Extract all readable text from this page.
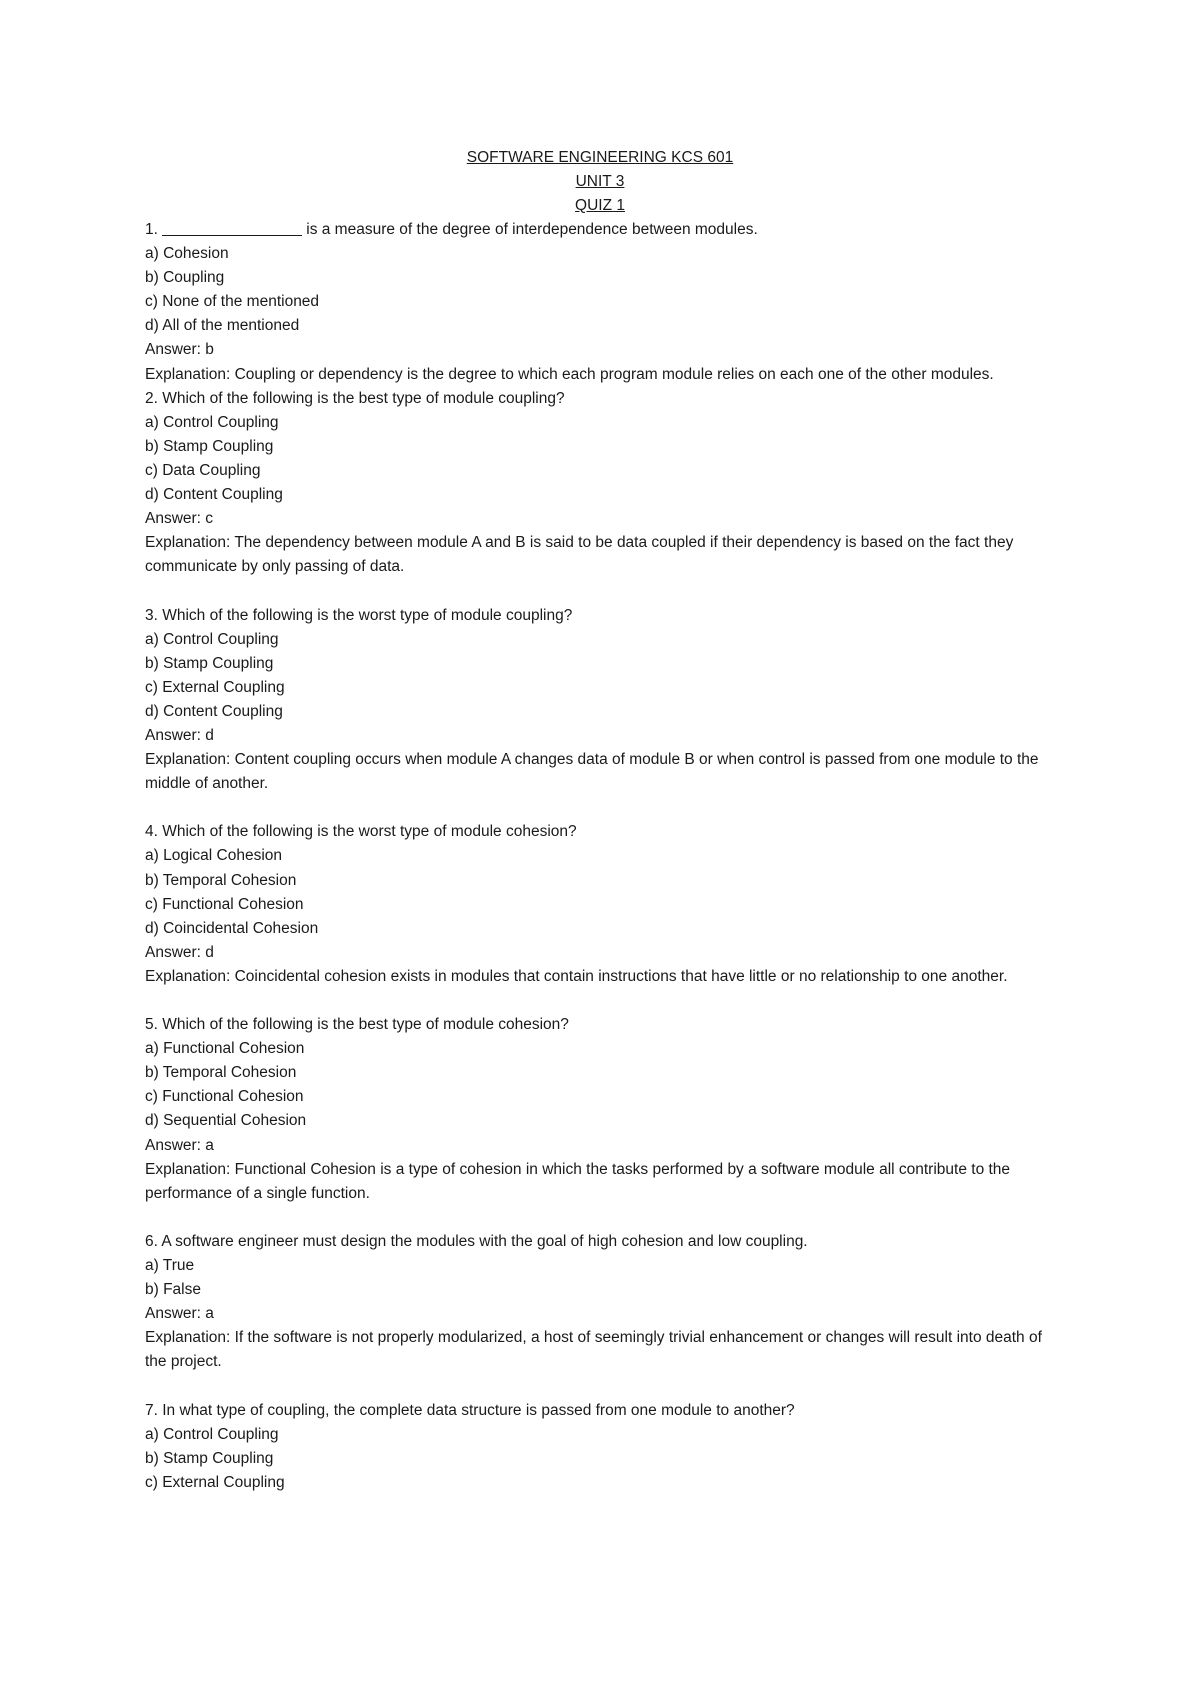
SOFTWARE ENGINEERING KCS 601
UNIT 3
QUIZ 1
1.	is a measure of the degree of interdependence between modules.
a) Cohesion
b) Coupling
c) None of the mentioned
d) All of the mentioned
Answer: b
Explanation: Coupling or dependency is the degree to which each program module relies on each one of the other modules.
2. Which of the following is the best type of module coupling?
a) Control Coupling
b) Stamp Coupling
c) Data Coupling
d) Content Coupling
Answer: c
Explanation: The dependency between module A and B is said to be data coupled if their dependency is based on the fact they communicate by only passing of data.
3. Which of the following is the worst type of module coupling?
a) Control Coupling
b) Stamp Coupling
c) External Coupling
d) Content Coupling
Answer: d
Explanation: Content coupling occurs when module A changes data of module B or when control is passed from one module to the middle of another.
4. Which of the following is the worst type of module cohesion?
a) Logical Cohesion
b) Temporal Cohesion
c) Functional Cohesion
d) Coincidental Cohesion
Answer: d
Explanation: Coincidental cohesion exists in modules that contain instructions that have little or no relationship to one another.
5. Which of the following is the best type of module cohesion?
a) Functional Cohesion
b) Temporal Cohesion
c) Functional Cohesion
d) Sequential Cohesion
Answer: a
Explanation: Functional Cohesion is a type of cohesion in which the tasks performed by a software module all contribute to the performance of a single function.
6. A software engineer must design the modules with the goal of high cohesion and low coupling.
a) True
b) False
Answer: a
Explanation: If the software is not properly modularized, a host of seemingly trivial enhancement or changes will result into death of the project.
7. In what type of coupling, the complete data structure is passed from one module to another?
a) Control Coupling
b) Stamp Coupling
c) External Coupling
